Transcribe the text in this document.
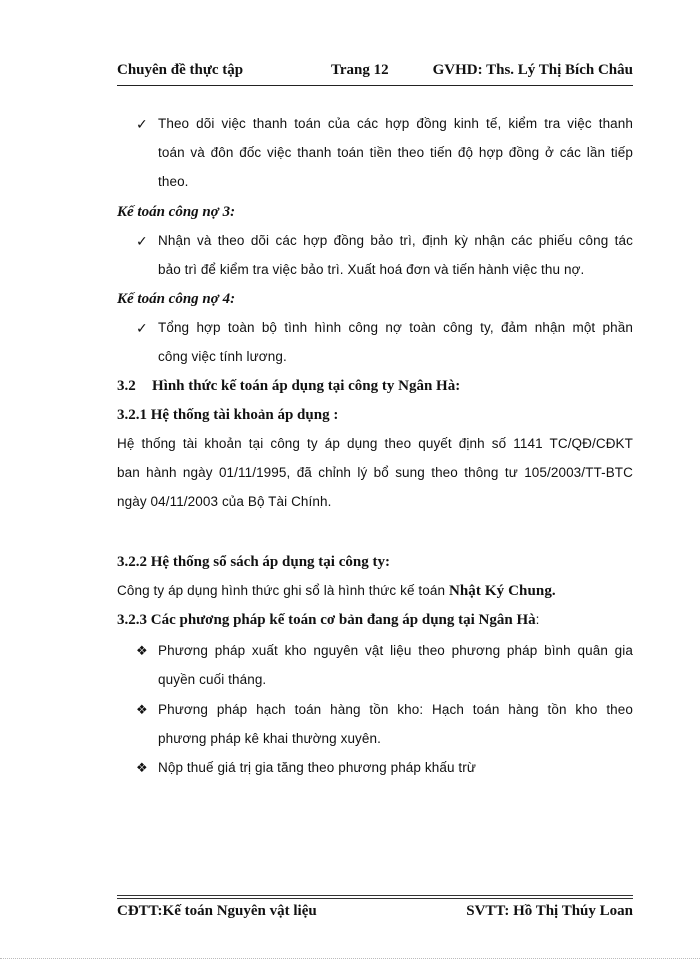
Chuyên đề thực tập	Trang 12	GVHD: Ths. Lý Thị Bích Châu
✓ Theo dõi việc thanh toán của các hợp đồng kinh tế, kiểm tra việc thanh
toán và đôn đốc việc thanh toán tiền theo tiến độ hợp đồng ở các lần tiếp
theo.
Kế toán công nợ 3:
✓ Nhận và theo dõi các hợp đồng bảo trì, định kỳ nhận các phiếu công tác
bảo trì để kiểm tra việc bảo trì. Xuất hoá đơn và tiến hành việc thu nợ.
Kế toán công nợ 4:
✓ Tổng hợp toàn bộ tình hình công nợ toàn công ty, đảm nhận một phần
công việc tính lương.
3.2 Hình thức kế toán áp dụng tại công ty Ngân Hà:
3.2.1 Hệ thống tài khoản áp dụng :
Hệ thống tài khoản tại công ty áp dụng theo quyết định số 1141 TC/QĐ/CĐKT
ban hành ngày 01/11/1995, đã chỉnh lý bổ sung theo thông tư 105/2003/TT-BTC
ngày 04/11/2003 của Bộ Tài Chính.
3.2.2 Hệ thống sổ sách áp dụng tại công ty:
Công ty áp dụng hình thức ghi sổ là hình thức kế toán Nhật Ký Chung.
3.2.3 Các phương pháp kế toán cơ bản đang áp dụng tại Ngân Hà:
❖ Phương pháp xuất kho nguyên vật liệu theo phương pháp bình quân gia
quyền cuối tháng.
❖ Phương pháp hạch toán hàng tồn kho: Hạch toán hàng tồn kho theo
phương pháp kê khai thường xuyên.
❖ Nộp thuế giá trị gia tăng theo phương pháp khấu trừ
CĐTT:Kế toán Nguyên vật liệu	SVTT: Hồ Thị Thúy Loan
